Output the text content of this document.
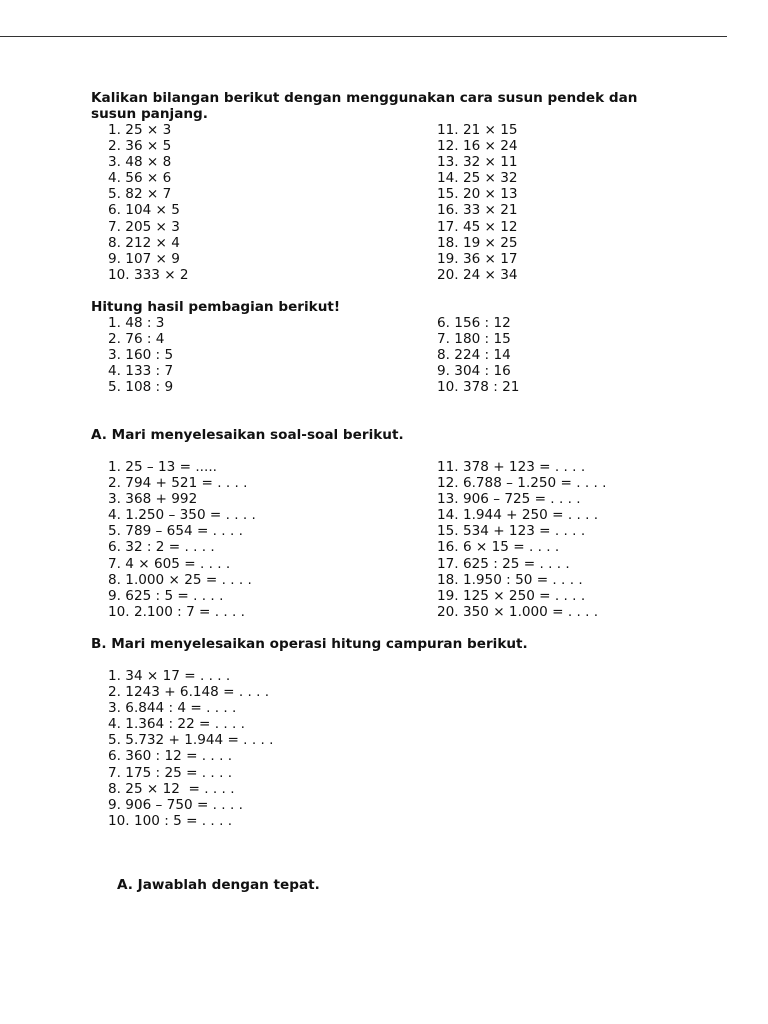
Kalikan bilangan berikut dengan menggunakan cara susun pendek dan susun panjang.

1. 25 × 3
2. 36 × 5
3. 48 × 8
4. 56 × 6
5. 82 × 7
6. 104 × 5
7. 205 × 3
8. 212 × 4
9. 107 × 9
10. 333 × 2
11. 21 × 15
12. 16 × 24
13. 32 × 11
14. 25 × 32
15. 20 × 13
16. 33 × 21
17. 45 × 12
18. 19 × 25
19. 36 × 17
20. 24 × 34

Hitung hasil pembagian berikut!

1. 48 : 3
2. 76 : 4
3. 160 : 5
4. 133 : 7
5. 108 : 9
6. 156 : 12
7. 180 : 15
8. 224 : 14
9. 304 : 16
10. 378 : 21

A. Mari menyelesaikan soal-soal berikut.

1. 25 – 13 = .....
2. 794 + 521 = . . . .
3. 368 + 992
4. 1.250 – 350 = . . . .
5. 789 – 654 = . . . .
6. 32 : 2 = . . . .
7. 4 × 605 = . . . .
8. 1.000 × 25 = . . . .
9. 625 : 5 = . . . .
10. 2.100 : 7 = . . . .
11. 378 + 123 = . . . .
12. 6.788 – 1.250 = . . . .
13. 906 – 725 = . . . .
14. 1.944 + 250 = . . . .
15. 534 + 123 = . . . .
16. 6 × 15 = . . . .
17. 625 : 25 = . . . .
18. 1.950 : 50 = . . . .
19. 125 × 250 = . . . .
20. 350 × 1.000 = . . . .

B. Mari menyelesaikan operasi hitung campuran berikut.

1. 34 × 17 = . . . .
2. 1243 + 6.148 = . . . .
3. 6.844 : 4 = . . . .
4. 1.364 : 22 = . . . .
5. 5.732 + 1.944 = . . . .
6. 360 : 12 = . . . .
7. 175 : 25 = . . . .
8. 25 × 12  = . . . .
9. 906 – 750 = . . . .
10. 100 : 5 = . . . .

A. Jawablah dengan tepat.
